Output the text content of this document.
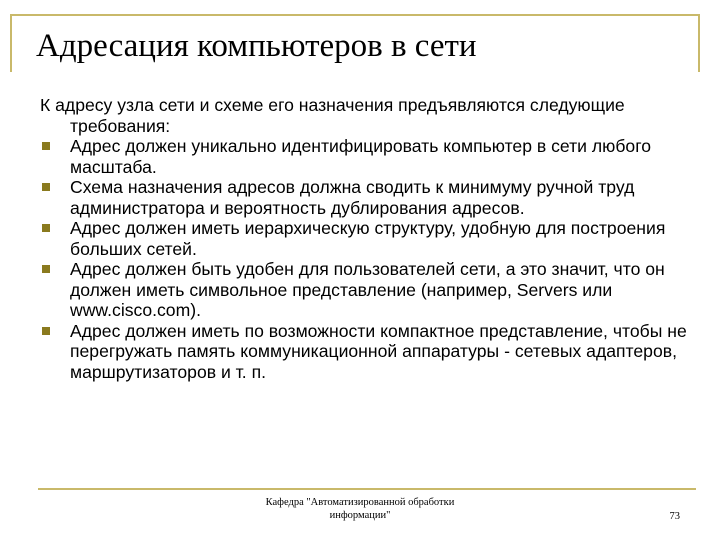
Адресация компьютеров в сети

К адресу узла сети и схеме его назначения предъявляются следующие требования:

Адрес должен уникально идентифицировать компьютер в сети любого масштаба.
Схема назначения адресов должна сводить к минимуму ручной труд администратора и вероятность дублирования адресов.
Адрес должен иметь иерархическую структуру, удобную для построения больших сетей.
Адрес должен быть удобен для пользователей сети, а это значит, что он должен иметь символьное представление (например, Servers или www.cisco.com).
Адрес должен иметь по возможности компактное представление, чтобы не перегружать память коммуникационной аппаратуры - сетевых адаптеров, маршрутизаторов и т. п.
Кафедра "Автоматизированной обработки
информации"	73
